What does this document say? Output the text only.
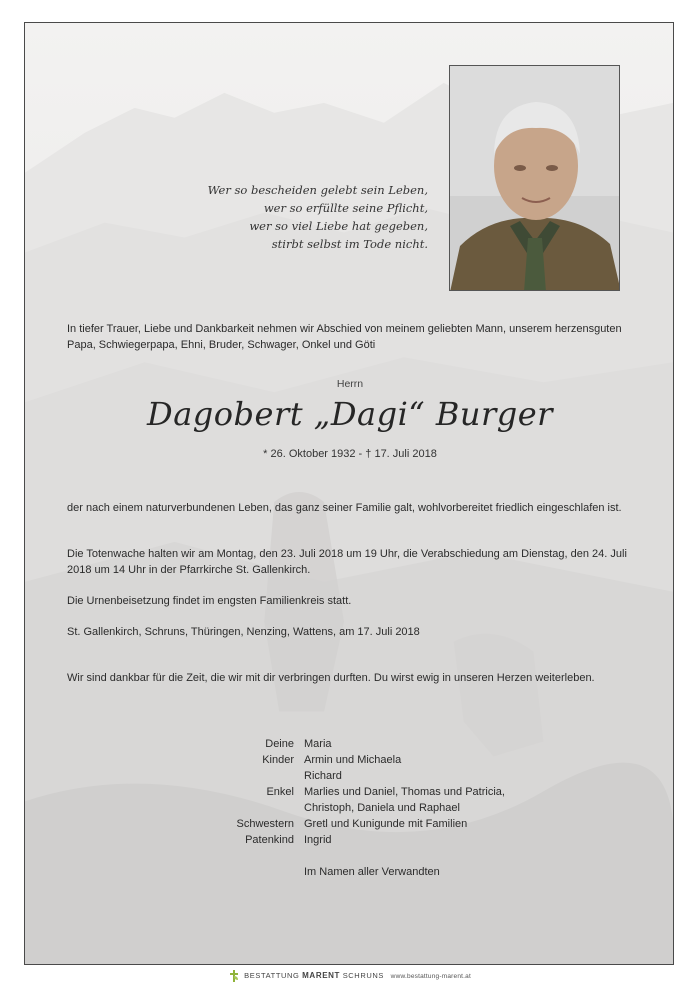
Wer so bescheiden gelebt sein Leben,
wer so erfüllte seine Pflicht,
wer so viel Liebe hat gegeben,
stirbt selbst im Tode nicht.
In tiefer Trauer, Liebe und Dankbarkeit nehmen wir Abschied von meinem geliebten Mann, unserem herzensguten Papa, Schwiegerpapa, Ehni, Bruder, Schwager, Onkel und Göti
Herrn
Dagobert „Dagi“ Burger
* 26. Oktober 1932 - † 17. Juli 2018
der nach einem naturverbundenen Leben, das ganz seiner Familie galt, wohlvorbereitet friedlich eingeschlafen ist.
Die Totenwache halten wir am Montag, den 23. Juli 2018 um 19 Uhr, die Verabschiedung am Dienstag, den 24. Juli 2018 um 14 Uhr in der Pfarrkirche St. Gallenkirch.
Die Urnenbeisetzung findet im engsten Familienkreis statt.
St. Gallenkirch, Schruns, Thüringen, Nenzing, Wattens, am 17. Juli 2018
Wir sind dankbar für die Zeit, die wir mit dir verbringen durften. Du wirst ewig in unseren Herzen weiterleben.
Deine Maria
Kinder Armin und Michaela
Richard
Enkel Marlies und Daniel, Thomas und Patricia,
Christoph, Daniela und Raphael
Schwestern Gretl und Kunigunde mit Familien
Patenkind Ingrid
Im Namen aller Verwandten
BESTATTUNG MARENT SCHRUNS www.bestattung-marent.at
